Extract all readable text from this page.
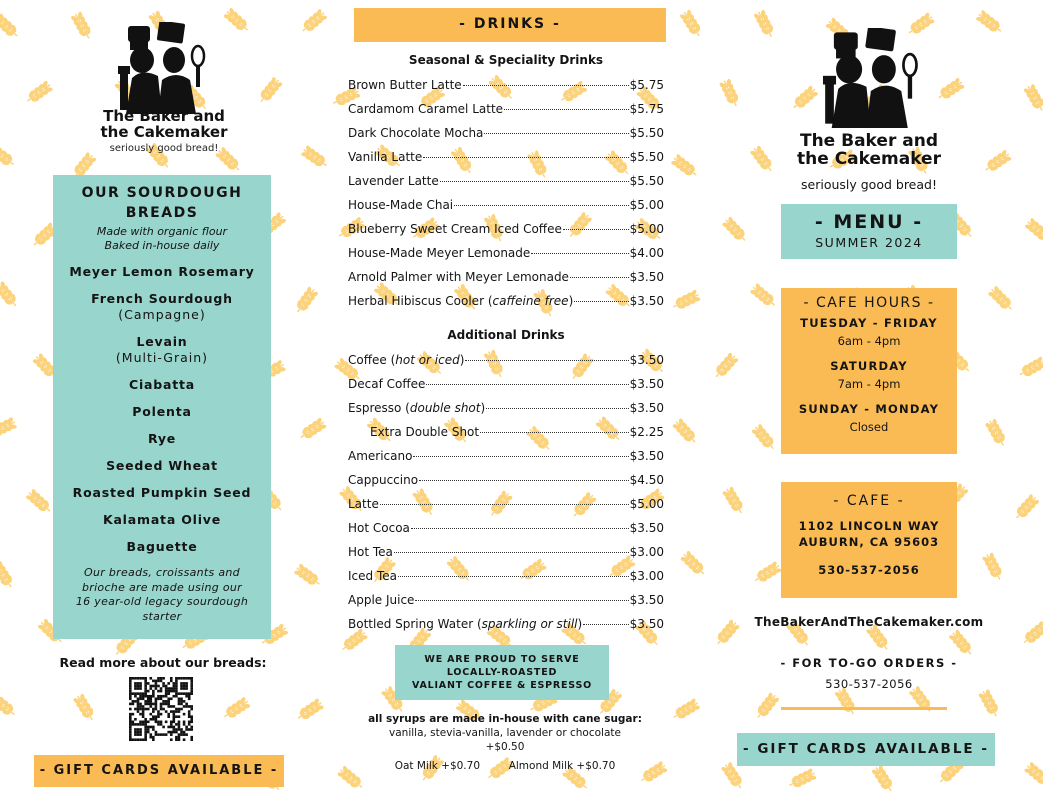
The Baker and
the Cakemaker
seriously good bread!
OUR SOURDOUGH
BREADS
Made with organic flour
Baked in-house daily
Meyer Lemon Rosemary
French Sourdough
(Campagne)
Levain
(Multi-Grain)
Ciabatta
Polenta
Rye
Seeded Wheat
Roasted Pumpkin Seed
Kalamata Olive
Baguette
Our breads, croissants and
brioche are made using our
16 year-old legacy sourdough
starter
Read more about our breads:
- GIFT CARDS AVAILABLE -
- DRINKS -
Seasonal & Speciality Drinks
Brown Butter Latte	$5.75
Cardamom Caramel Latte	$5.75
Dark Chocolate Mocha	$5.50
Vanilla Latte	$5.50
Lavender Latte	$5.50
House-Made Chai	$5.00
Blueberry Sweet Cream Iced Coffee	$5.00
House-Made Meyer Lemonade	$4.00
Arnold Palmer with Meyer Lemonade	$3.50
Herbal Hibiscus Cooler (caffeine free)	$3.50
Additional Drinks
Coffee (hot or iced)	$3.50
Decaf Coffee	$3.50
Espresso (double shot)	$3.50
Extra Double Shot	$2.25
Americano	$3.50
Cappuccino	$4.50
Latte	$5.00
Hot Cocoa	$3.50
Hot Tea	$3.00
Iced Tea	$3.00
Apple Juice	$3.50
Bottled Spring Water (sparkling or still)	$3.50
WE ARE PROUD TO SERVE
LOCALLY-ROASTED
VALIANT COFFEE & ESPRESSO
all syrups are made in-house with cane sugar:
vanilla, stevia-vanilla, lavender or chocolate
+$0.50
Oat Milk +$0.70	Almond Milk +$0.70
The Baker and
the Cakemaker
seriously good bread!
- MENU -
SUMMER 2024
- CAFE HOURS -
TUESDAY - FRIDAY
6am - 4pm
SATURDAY
7am - 4pm
SUNDAY - MONDAY
Closed
- CAFE -
1102 LINCOLN WAY
AUBURN, CA 95603
530-537-2056
TheBakerAndTheCakemaker.com
- FOR TO-GO ORDERS -
530-537-2056
- GIFT CARDS AVAILABLE -
